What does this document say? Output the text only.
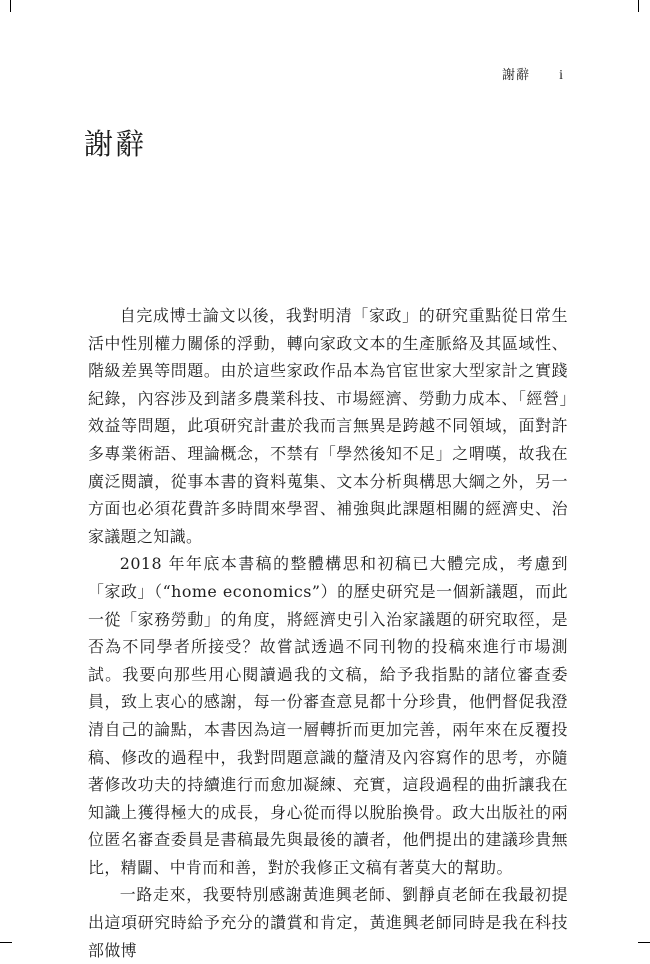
謝辭 i
謝辭

自完成博士論文以後，我對明清「家政」的研究重點從日常生活中性別權力關係的浮動，轉向家政文本的生產脈絡及其區域性、階級差異等問題。由於這些家政作品本為官宦世家大型家計之實踐紀錄，內容涉及到諸多農業科技、市場經濟、勞動力成本、「經營」效益等問題，此項研究計畫於我而言無異是跨越不同領域，面對許多專業術語、理論概念，不禁有「學然後知不足」之喟嘆，故我在廣泛閱讀，從事本書的資料蒐集、文本分析與構思大綱之外，另一方面也必須花費許多時間來學習、補強與此課題相關的經濟史、治家議題之知識。

2018 年年底本書稿的整體構思和初稿已大體完成，考慮到「家政」（“home economics”）的歷史研究是一個新議題，而此一從「家務勞動」的角度，將經濟史引入治家議題的研究取徑，是否為不同學者所接受？故嘗試透過不同刊物的投稿來進行市場測試。我要向那些用心閱讀過我的文稿，給予我指點的諸位審查委員，致上衷心的感謝，每一份審查意見都十分珍貴，他們督促我澄清自己的論點，本書因為這一層轉折而更加完善，兩年來在反覆投稿、修改的過程中，我對問題意識的釐清及內容寫作的思考，亦隨著修改功夫的持續進行而愈加凝練、充實，這段過程的曲折讓我在知識上獲得極大的成長，身心從而得以脫胎換骨。政大出版社的兩位匿名審查委員是書稿最先與最後的讀者，他們提出的建議珍貴無比，精闢、中肯而和善，對於我修正文稿有著莫大的幫助。

一路走來，我要特別感謝黃進興老師、劉靜貞老師在我最初提出這項研究時給予充分的讚賞和肯定，黃進興老師同時是我在科技部做博
